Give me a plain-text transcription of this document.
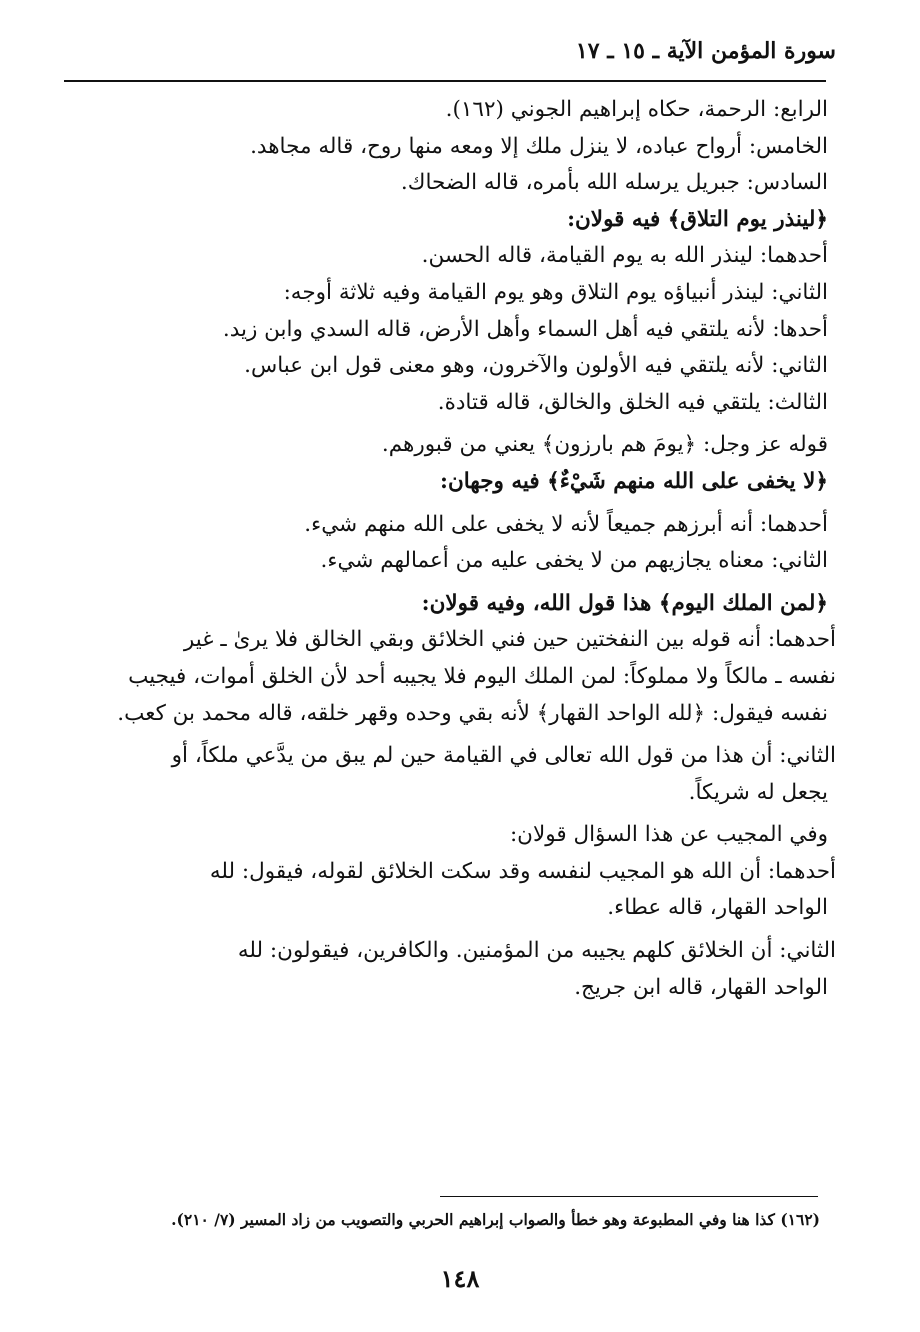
سورة المؤمن الآية ـ ١٥ ـ ١٧

الرابع: الرحمة، حكاه إبراهيم الجوني (١٦٢).

الخامس: أرواح عباده، لا ينزل ملك إلا ومعه منها روح، قاله مجاهد.

السادس: جبريل يرسله الله بأمره، قاله الضحاك.

﴿لينذر يوم التلاق﴾ فيه قولان:

أحدهما: لينذر الله به يوم القيامة، قاله الحسن.

الثاني: لينذر أنبياؤه يوم التلاق وهو يوم القيامة وفيه ثلاثة أوجه:

أحدها: لأنه يلتقي فيه أهل السماء وأهل الأرض، قاله السدي وابن زيد.

الثاني: لأنه يلتقي فيه الأولون والآخرون، وهو معنى قول ابن عباس.

الثالث: يلتقي فيه الخلق والخالق، قاله قتادة.

قوله عز وجل: ﴿يومَ هم بارزون﴾ يعني من قبورهم.

﴿لا يخفى على الله منهم شَيْءٌ﴾ فيه وجهان:

أحدهما: أنه أبرزهم جميعاً لأنه لا يخفى على الله منهم شيء.

الثاني: معناه يجازيهم من لا يخفى عليه من أعمالهم شيء.

﴿لمن الملك اليوم﴾ هذا قول الله، وفيه قولان:

أحدهما: أنه قوله بين النفختين حين فني الخلائق وبقي الخالق فلا يرىٰ ـ غير

نفسه ـ مالكاً ولا مملوكاً: لمن الملك اليوم فلا يجيبه أحد لأن الخلق أموات، فيجيب

نفسه فيقول: ﴿لله الواحد القهار﴾ لأنه بقي وحده وقهر خلقه، قاله محمد بن كعب.

الثاني: أن هذا من قول الله تعالى في القيامة حين لم يبق من يدَّعي ملكاً، أو

يجعل له شريكاً.

وفي المجيب عن هذا السؤال قولان:

أحدهما: أن الله هو المجيب لنفسه وقد سكت الخلائق لقوله، فيقول: لله

الواحد القهار، قاله عطاء.

الثاني: أن الخلائق كلهم يجيبه من المؤمنين. والكافرين، فيقولون: لله

الواحد القهار، قاله ابن جريج.

(١٦٢) كذا هنا وفي المطبوعة وهو خطأ والصواب إبراهيم الحربي والتصويب من زاد المسير (٧/ ٢١٠).
١٤٨
